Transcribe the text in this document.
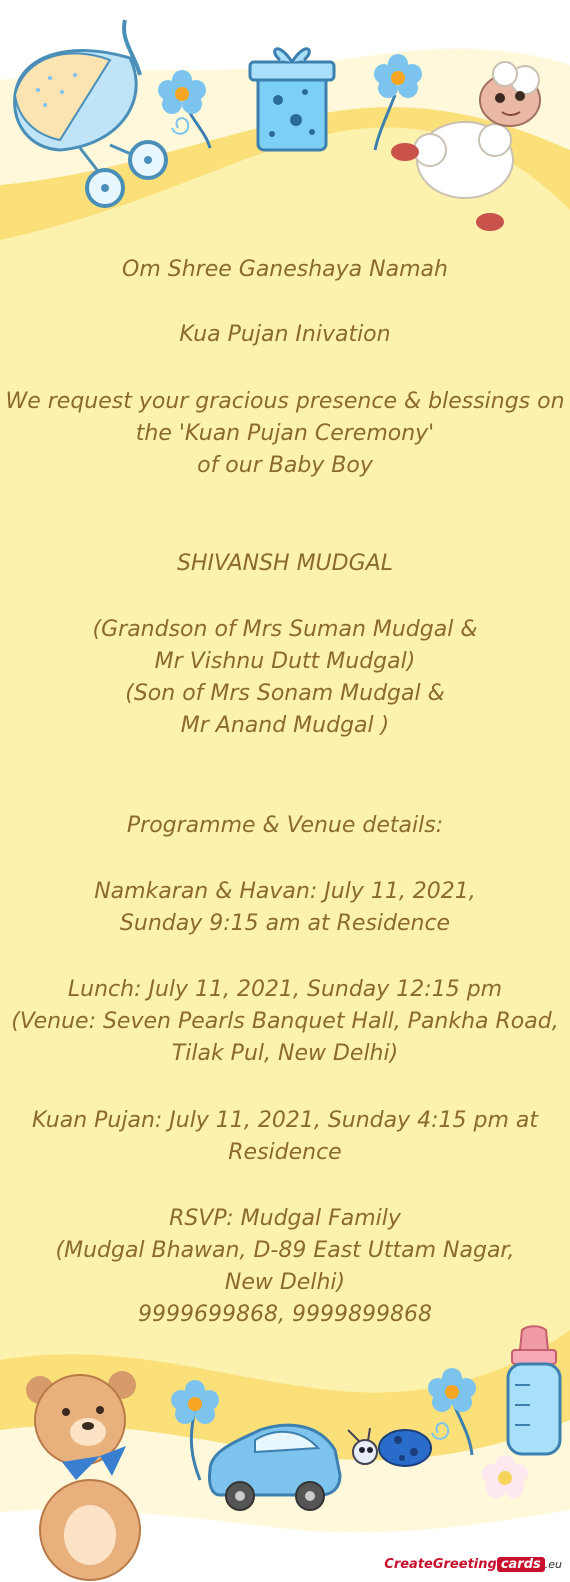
Om Shree Ganeshaya Namah
Kua Pujan Inivation
We request your gracious presence & blessings on
the 'Kuan Pujan Ceremony'
of our Baby Boy
SHIVANSH MUDGAL
(Grandson of Mrs Suman Mudgal &
Mr Vishnu Dutt Mudgal)
(Son of Mrs Sonam Mudgal &
Mr Anand Mudgal )
Programme & Venue details:
Namkaran & Havan: July 11, 2021,
Sunday 9:15 am at Residence
Lunch: July 11, 2021, Sunday 12:15 pm
(Venue: Seven Pearls Banquet Hall, Pankha Road,
Tilak Pul, New Delhi)
Kuan Pujan: July 11, 2021, Sunday 4:15 pm at
Residence
RSVP: Mudgal Family
(Mudgal Bhawan, D-89 East Uttam Nagar,
New Delhi)
9999699868, 9999899868
CreateGreeting cards .eu
